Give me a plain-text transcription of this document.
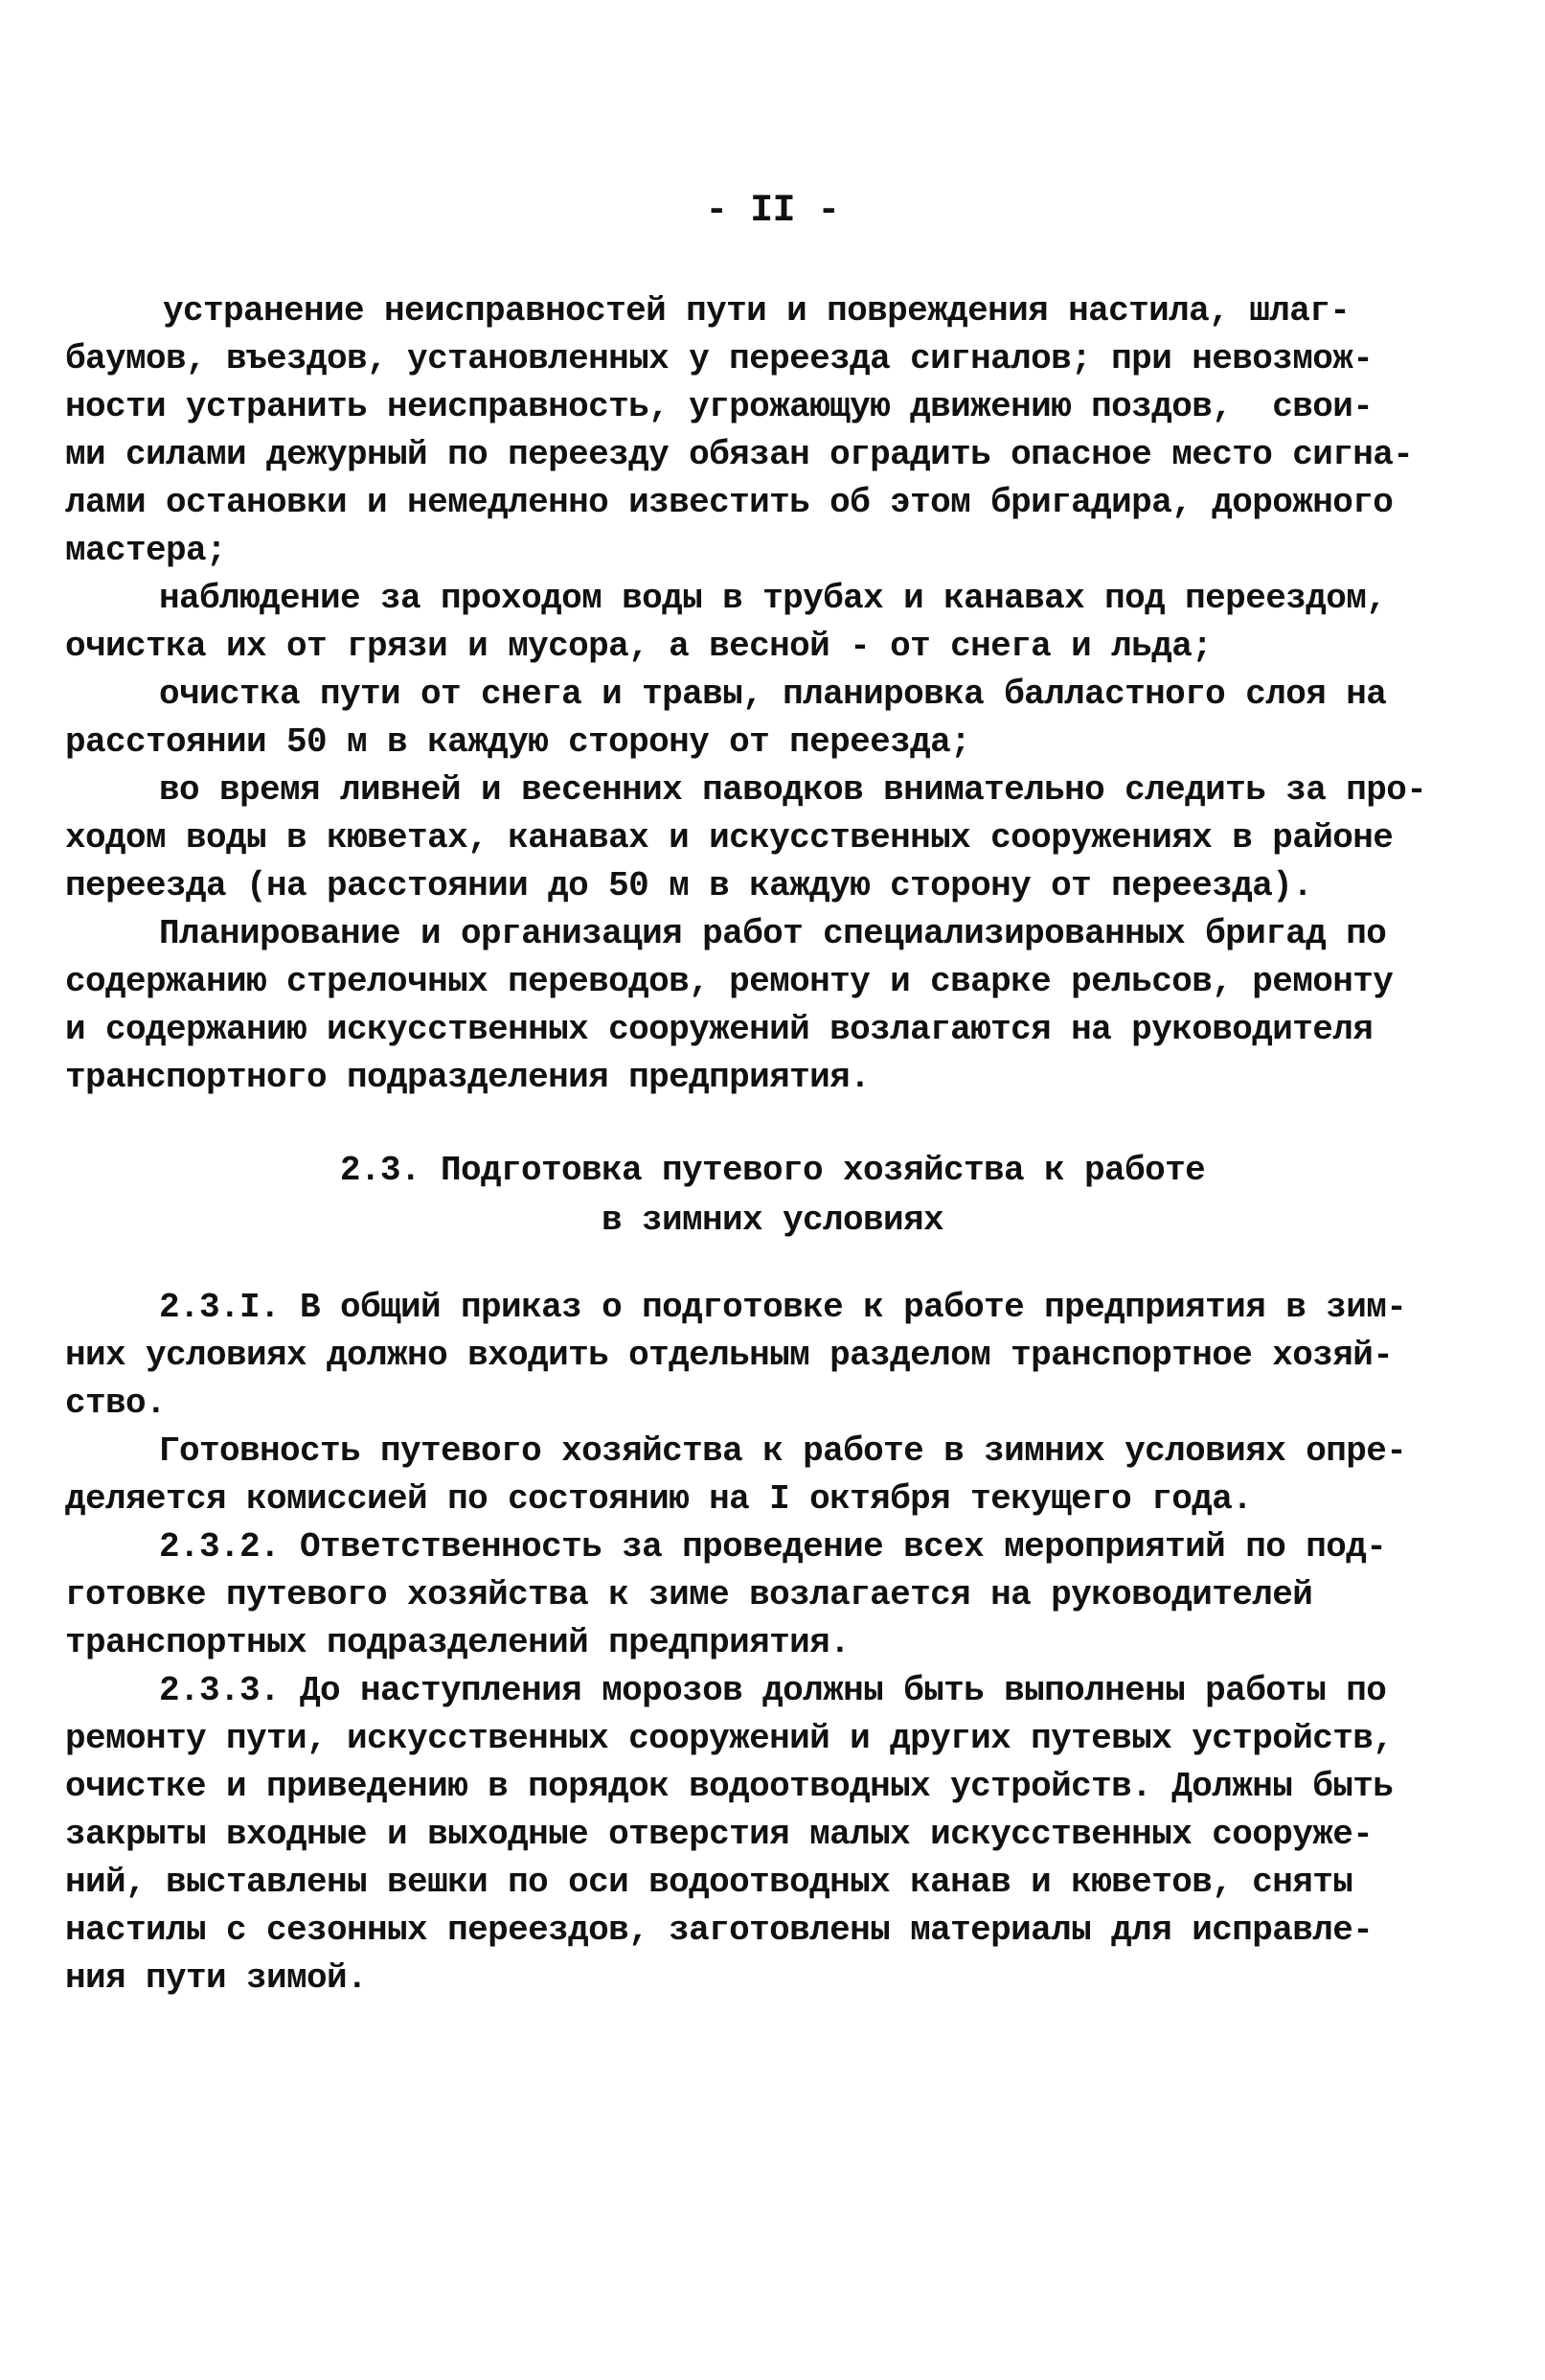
- II -
устранение неисправностей пути и повреждения настила, шлаг-
баумов, въездов, установленных у переезда сигналов; при невозмож-
ности устранить неисправность, угрожающую движению поздов,  свои-
ми силами дежурный по переезду обязан оградить опасное место сигна-
лами остановки и немедленно известить об этом бригадира, дорожного
мастера;
наблюдение за проходом воды в трубах и канавах под переездом,
очистка их от грязи и мусора, а весной - от снега и льда;
очистка пути от снега и травы, планировка балластного слоя на
расстоянии 50 м в каждую сторону от переезда;
во время ливней и весенних паводков внимательно следить за про-
ходом воды в кюветах, канавах и искусственных сооружениях в районе
переезда (на расстоянии до 50 м в каждую сторону от переезда).
Планирование и организация работ специализированных бригад по
содержанию стрелочных переводов, ремонту и сварке рельсов, ремонту
и содержанию искусственных сооружений возлагаются на руководителя
транспортного подразделения предприятия.
2.3. Подготовка путевого хозяйства к работе
в зимних условиях
2.3.I. В общий приказ о подготовке к работе предприятия в зим-
них условиях должно входить отдельным разделом транспортное хозяй-
ство.
Готовность путевого хозяйства к работе в зимних условиях опре-
деляется комиссией по состоянию на I октября текущего года.
2.3.2. Ответственность за проведение всех мероприятий по под-
готовке путевого хозяйства к зиме возлагается на руководителей
транспортных подразделений предприятия.
2.3.3. До наступления морозов должны быть выполнены работы по
ремонту пути, искусственных сооружений и других путевых устройств,
очистке и приведению в порядок водоотводных устройств. Должны быть
закрыты входные и выходные отверстия малых искусственных сооруже-
ний, выставлены вешки по оси водоотводных канав и кюветов, сняты
настилы с сезонных переездов, заготовлены материалы для исправле-
ния пути зимой.
